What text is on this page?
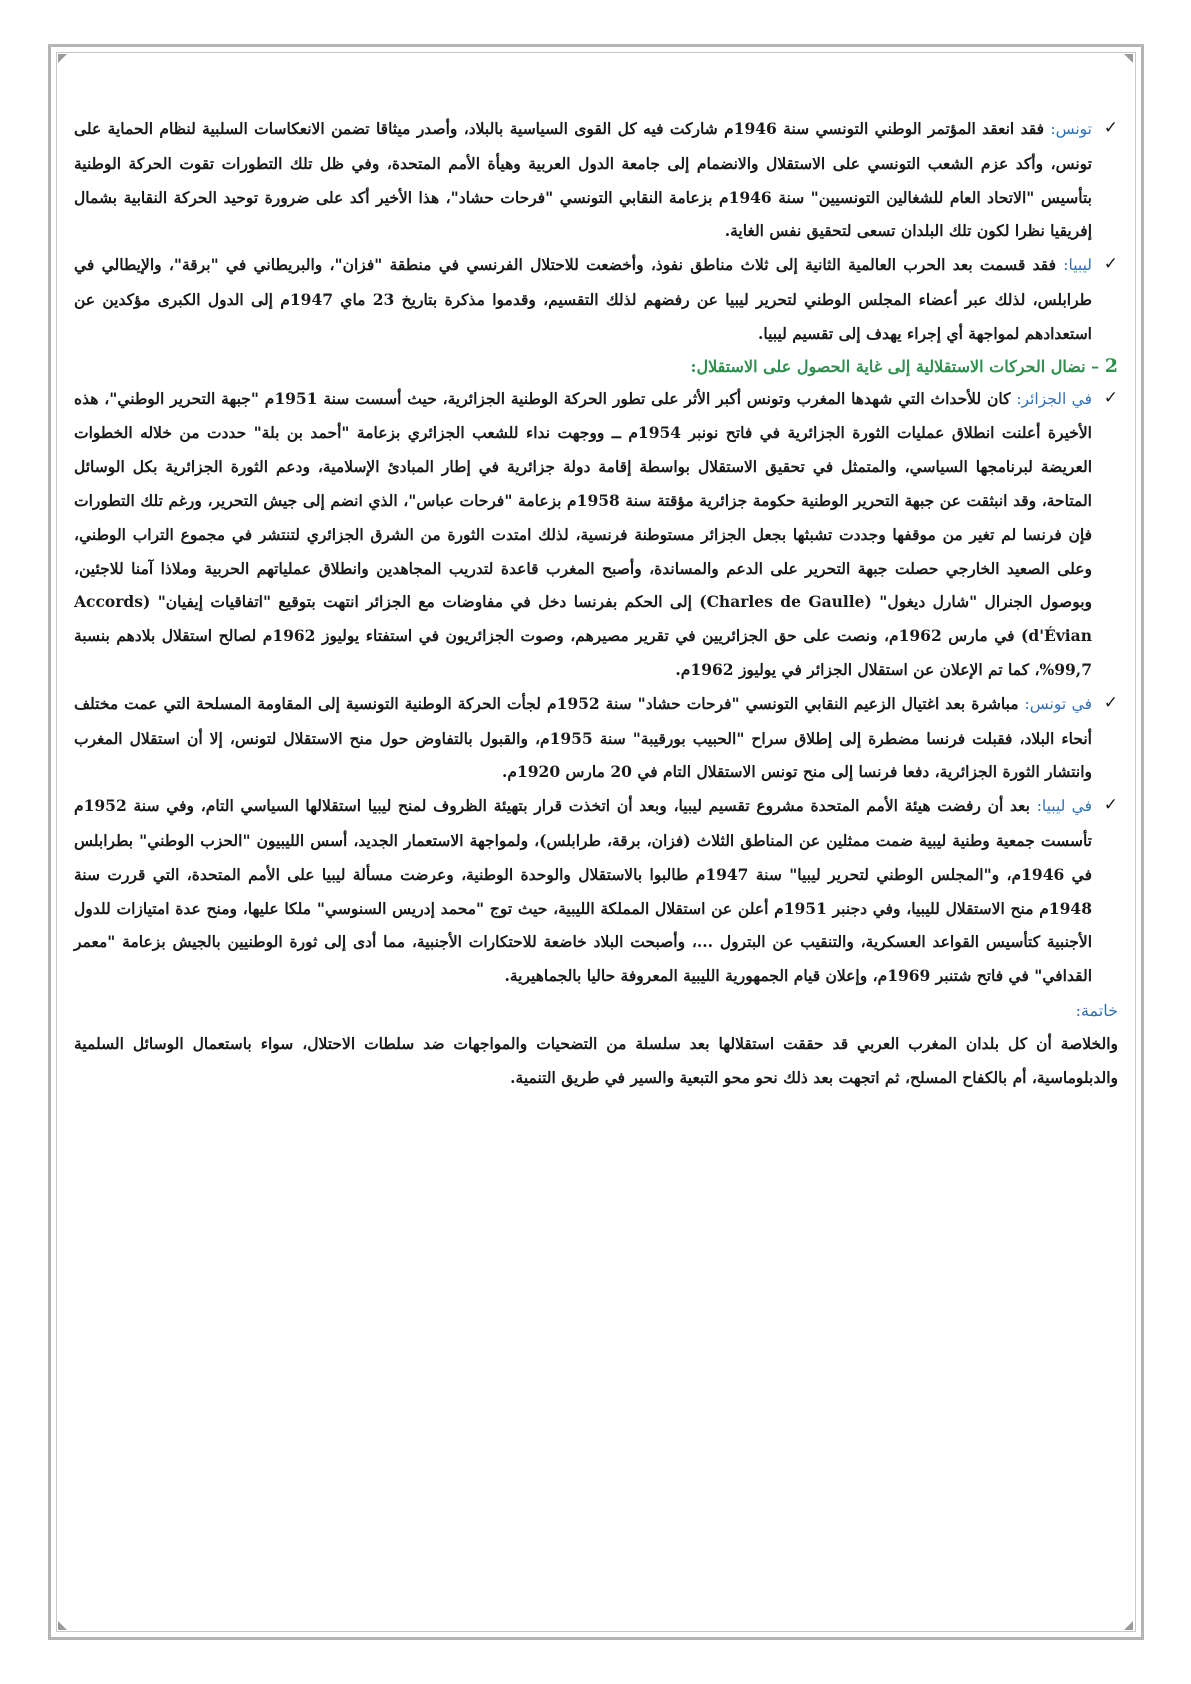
✓
تونس: فقد انعقد المؤتمر الوطني التونسي سنة 1946م شاركت فيه كل القوى السياسية بالبلاد، وأصدر ميثاقا تضمن الانعكاسات السلبية لنظام الحماية على تونس، وأكد عزم الشعب التونسي على الاستقلال والانضمام إلى جامعة الدول العربية وهيأة الأمم المتحدة، وفي ظل تلك التطورات تقوت الحركة الوطنية بتأسيس "الاتحاد العام للشغالين التونسيين" سنة 1946م بزعامة النقابي التونسي "فرحات حشاد"، هذا الأخير أكد على ضرورة توحيد الحركة النقابية بشمال إفريقيا نظرا لكون تلك البلدان تسعى لتحقيق نفس الغاية.
✓
ليبيا: فقد قسمت بعد الحرب العالمية الثانية إلى ثلاث مناطق نفوذ، وأخضعت للاحتلال الفرنسي في منطقة "فزان"، والبريطاني في "برقة"، والإيطالي في طرابلس، لذلك عبر أعضاء المجلس الوطني لتحرير ليبيا عن رفضهم لذلك التقسيم، وقدموا مذكرة بتاريخ 23 ماي 1947م إلى الدول الكبرى مؤكدين عن استعدادهم لمواجهة أي إجراء يهدف إلى تقسيم ليبيا.
2 – نضال الحركات الاستقلالية إلى غاية الحصول على الاستقلال:
✓
في الجزائر: كان للأحداث التي شهدها المغرب وتونس أكبر الأثر على تطور الحركة الوطنية الجزائرية، حيث أسست سنة 1951م "جبهة التحرير الوطني"، هذه الأخيرة أعلنت انطلاق عمليات الثورة الجزائرية في فاتح نونبر 1954م ــ ووجهت نداء للشعب الجزائري بزعامة "أحمد بن بلة" حددت من خلاله الخطوات العريضة لبرنامجها السياسي، والمتمثل في تحقيق الاستقلال بواسطة إقامة دولة جزائرية في إطار المبادئ الإسلامية، ودعم الثورة الجزائرية بكل الوسائل المتاحة، وقد انبثقت عن جبهة التحرير الوطنية حكومة جزائرية مؤقتة سنة 1958م بزعامة "فرحات عباس"، الذي انضم إلى جيش التحرير، ورغم تلك التطورات فإن فرنسا لم تغير من موقفها وجددت تشبثها بجعل الجزائر مستوطنة فرنسية، لذلك امتدت الثورة من الشرق الجزائري لتنتشر في مجموع التراب الوطني، وعلى الصعيد الخارجي حصلت جبهة التحرير على الدعم والمساندة، وأصبح المغرب قاعدة لتدريب المجاهدين وانطلاق عملياتهم الحربية وملاذا آمنا للاجئين، وبوصول الجنرال "شارل ديغول" (Charles de Gaulle) إلى الحكم بفرنسا دخل في مفاوضات مع الجزائر انتهت بتوقيع "اتفاقيات إيفيان" (Accords d'Évian) في مارس 1962م، ونصت على حق الجزائريين في تقرير مصيرهم، وصوت الجزائريون في استفتاء يوليوز 1962م لصالح استقلال بلادهم بنسبة 99,7%، كما تم الإعلان عن استقلال الجزائر في يوليوز 1962م.
✓
في تونس: مباشرة بعد اغتيال الزعيم النقابي التونسي "فرحات حشاد" سنة 1952م لجأت الحركة الوطنية التونسية إلى المقاومة المسلحة التي عمت مختلف أنحاء البلاد، فقبلت فرنسا مضطرة إلى إطلاق سراح "الحبيب بورقيبة" سنة 1955م، والقبول بالتفاوض حول منح الاستقلال لتونس، إلا أن استقلال المغرب وانتشار الثورة الجزائرية، دفعا فرنسا إلى منح تونس الاستقلال التام في 20 مارس 1920م.
✓
في ليبيا: بعد أن رفضت هيئة الأمم المتحدة مشروع تقسيم ليبيا، وبعد أن اتخذت قرار بتهيئة الظروف لمنح ليبيا استقلالها السياسي التام، وفي سنة 1952م تأسست جمعية وطنية ليبية ضمت ممثلين عن المناطق الثلاث (فزان، برقة، طرابلس)، ولمواجهة الاستعمار الجديد، أسس الليبيون "الحزب الوطني" بطرابلس في 1946م، و"المجلس الوطني لتحرير ليبيا" سنة 1947م طالبوا بالاستقلال والوحدة الوطنية، وعرضت مسألة ليبيا على الأمم المتحدة، التي قررت سنة 1948م منح الاستقلال لليبيا، وفي دجنبر 1951م أعلن عن استقلال المملكة الليبية، حيث توج "محمد إدريس السنوسي" ملكا عليها، ومنح عدة امتيازات للدول الأجنبية كتأسيس القواعد العسكرية، والتنقيب عن البترول ...، وأصبحت البلاد خاضعة للاحتكارات الأجنبية، مما أدى إلى ثورة الوطنيين بالجيش بزعامة "معمر القدافي" في فاتح شتنبر 1969م، وإعلان قيام الجمهورية الليبية المعروفة حاليا بالجماهيرية.
خاتمة:
والخلاصة أن كل بلدان المغرب العربي قد حققت استقلالها بعد سلسلة من التضحيات والمواجهات ضد سلطات الاحتلال، سواء باستعمال الوسائل السلمية والدبلوماسية، أم بالكفاح المسلح، ثم اتجهت بعد ذلك نحو محو التبعية والسير في طريق التنمية.
